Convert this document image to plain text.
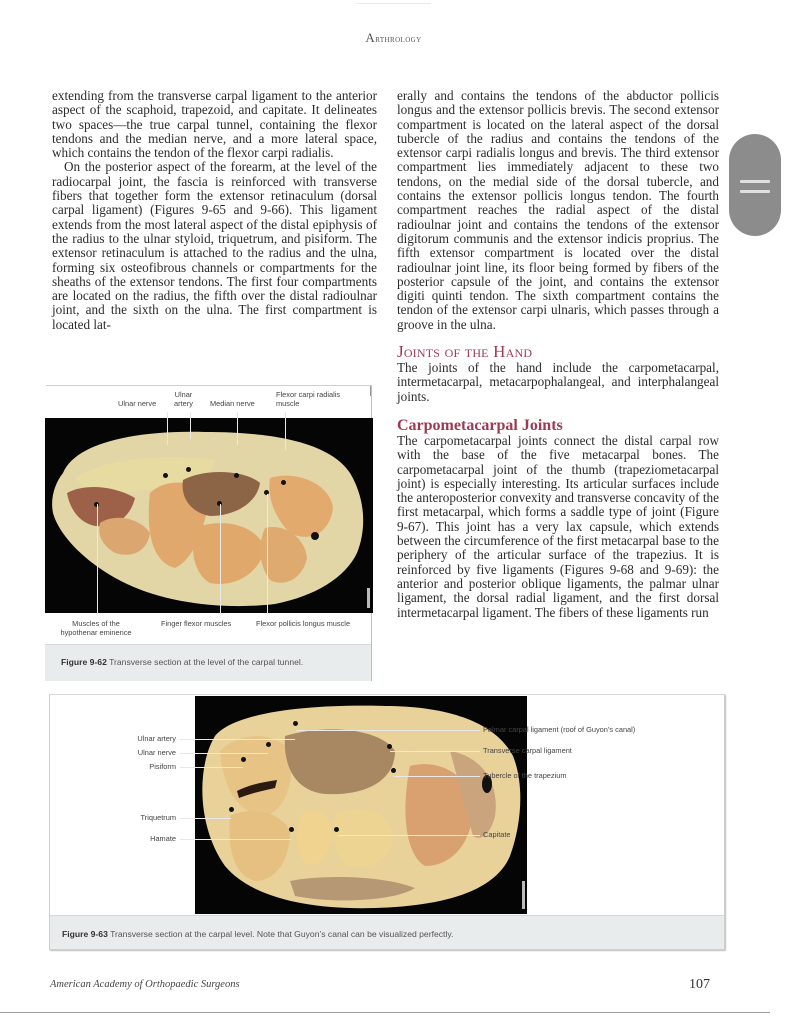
Arthrology

extending from the transverse carpal ligament to the anterior aspect of the scaphoid, trapezoid, and capitate. It delineates two spaces—the true carpal tunnel, containing the flexor tendons and the median nerve, and a more lateral space, which contains the tendon of the flexor carpi radialis.

On the posterior aspect of the forearm, at the level of the radiocarpal joint, the fascia is reinforced with transverse fibers that together form the extensor retinaculum (dorsal carpal ligament) (Figures 9-65 and 9-66). This ligament extends from the most lateral aspect of the distal epiphysis of the radius to the ulnar styloid, triquetrum, and pisiform. The extensor retinaculum is attached to the radius and the ulna, forming six osteofibrous channels or compartments for the sheaths of the extensor tendons. The first four compartments are located on the radius, the fifth over the distal radioulnar joint, and the sixth on the ulna. The first compartment is located lat-

erally and contains the tendons of the abductor pollicis longus and the extensor pollicis brevis. The second extensor compartment is located on the lateral aspect of the dorsal tubercle of the radius and contains the tendons of the extensor carpi radialis longus and brevis. The third extensor compartment lies immediately adjacent to these two tendons, on the medial side of the dorsal tubercle, and contains the extensor pollicis longus tendon. The fourth compartment reaches the radial aspect of the distal radioulnar joint and contains the tendons of the extensor digitorum communis and the extensor indicis proprius. The fifth extensor compartment is located over the distal radioulnar joint line, its floor being formed by fibers of the posterior capsule of the joint, and contains the extensor digiti quinti tendon. The sixth compartment contains the tendon of the extensor carpi ulnaris, which passes through a groove in the ulna.

Joints of the Hand

The joints of the hand include the carpometacarpal, intermetacarpal, metacarpophalangeal, and interphalangeal joints.

Carpometacarpal Joints

The carpometacarpal joints connect the distal carpal row with the base of the five metacarpal bones. The carpometacarpal joint of the thumb (trapeziometacarpal joint) is especially interesting. Its articular surfaces include the anteroposterior convexity and transverse concavity of the first metacarpal, which forms a saddle type of joint (Figure 9-67). This joint has a very lax capsule, which extends between the circumference of the first metacarpal base to the periphery of the articular surface of the trapezius. It is reinforced by five ligaments (Figures 9-68 and 9-69): the anterior and posterior oblique ligaments, the palmar ulnar ligament, the dorsal radial ligament, and the first dorsal intermetacarpal ligament. The fibers of these ligaments run

Ulnar nerve
Ulnar
artery Median nerve
Flexor carpi radialis
muscle
Muscles of the
hypothenar eminence
Finger flexor muscles	Flexor pollicis longus muscle
Figure 9-62 Transverse section at the level of the carpal tunnel.
Ulnar artery
Ulnar nerve
Pisiform
Triquetrum
Hamate
Palmar carpal ligament (roof of Guyon’s canal)
Transverse carpal ligament
Tubercle of the trapezium
Capitate
Figure 9-63 Transverse section at the carpal level. Note that Guyon’s canal can be visualized perfectly.
American Academy of Orthopaedic Surgeons	107
